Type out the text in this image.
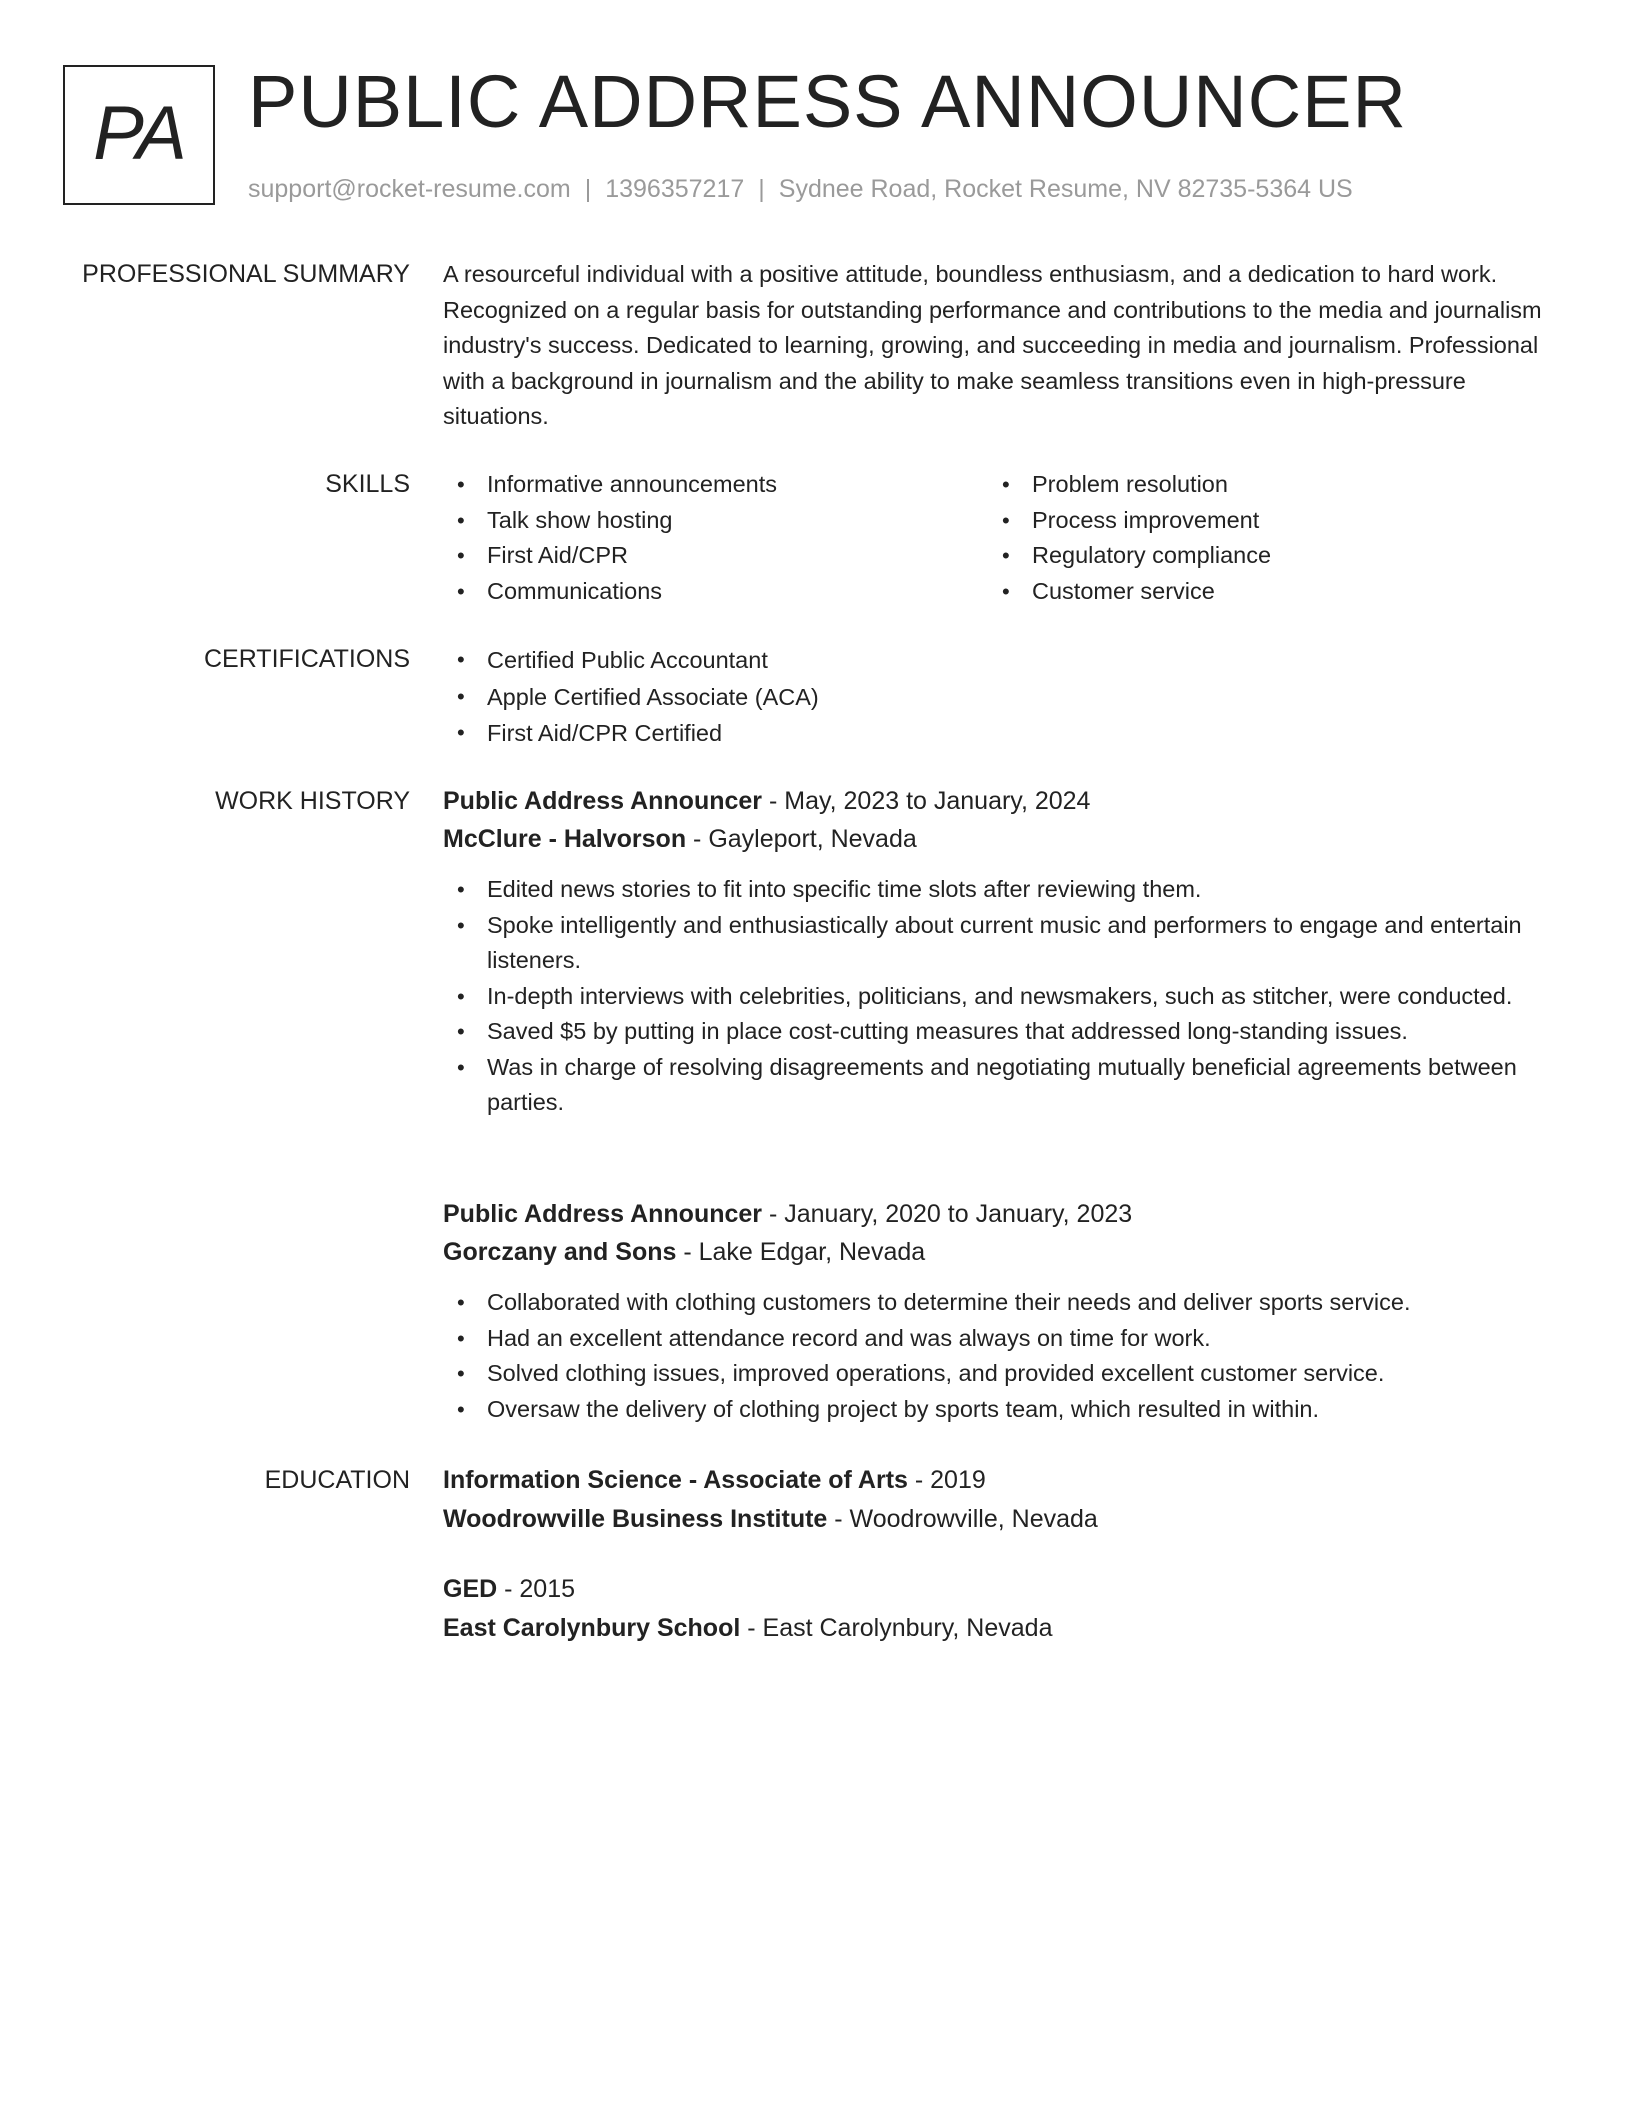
PA PUBLIC ADDRESS ANNOUNCER
support@rocket-resume.com | 1396357217 | Sydnee Road, Rocket Resume, NV 82735-5364 US
PROFESSIONAL SUMMARY A resourceful individual with a positive attitude, boundless enthusiasm, and a dedication to hard work. Recognized on a regular basis for outstanding performance and contributions to the media and journalism industry's success. Dedicated to learning, growing, and succeeding in media and journalism. Professional with a background in journalism and the ability to make seamless transitions even in high-pressure situations.
SKILLS	• Informative announcements
• Talk show hosting
• First Aid/CPR
• Communications
• Problem resolution
• Process improvement
• Regulatory compliance
• Customer service
CERTIFICATIONS	• Certified Public Accountant
• Apple Certified Associate (ACA)
• First Aid/CPR Certified
WORK HISTORY Public Address Announcer - May, 2023 to January, 2024
McClure - Halvorson - Gayleport, Nevada
• Edited news stories to fit into specific time slots after reviewing them.
• Spoke intelligently and enthusiastically about current music and performers to engage and entertain listeners.
• In-depth interviews with celebrities, politicians, and newsmakers, such as stitcher, were conducted.
• Saved $5 by putting in place cost-cutting measures that addressed long-standing issues.
• Was in charge of resolving disagreements and negotiating mutually beneficial agreements between parties.
Public Address Announcer - January, 2020 to January, 2023
Gorczany and Sons - Lake Edgar, Nevada
• Collaborated with clothing customers to determine their needs and deliver sports service.
• Had an excellent attendance record and was always on time for work.
• Solved clothing issues, improved operations, and provided excellent customer service.
• Oversaw the delivery of clothing project by sports team, which resulted in within.
EDUCATION Information Science - Associate of Arts - 2019
Woodrowville Business Institute - Woodrowville, Nevada
GED - 2015
East Carolynbury School - East Carolynbury, Nevada
